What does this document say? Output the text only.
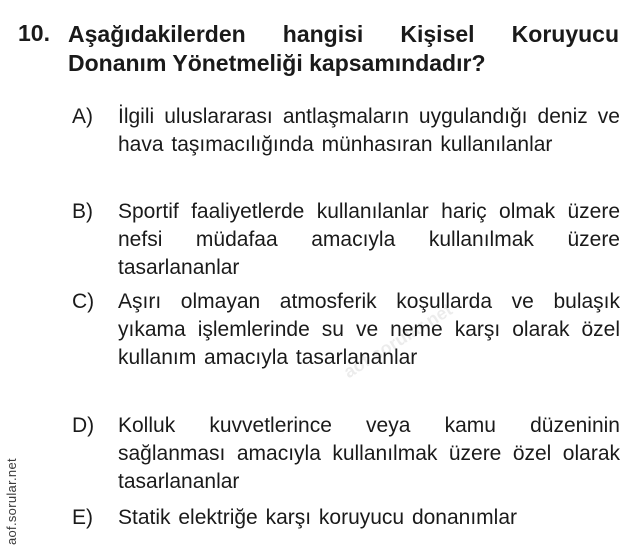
10. Aşağıdakilerden hangisi Kişisel Koruyucu Donanım Yönetmeliği kapsamındadır?
A)	İlgili uluslararası antlaşmaların uygulandığı deniz ve hava taşımacılığında münhasıran kullanılanlar
B)	Sportif faaliyetlerde kullanılanlar hariç olmak üzere nefsi müdafaa amacıyla kullanılmak üzere tasarlananlar
C)	Aşırı olmayan atmosferik koşullarda ve bulaşık yıkama işlemlerinde su ve neme karşı olarak özel kullanım amacıyla tasarlananlar
D)	Kolluk kuvvetlerince veya kamu düzeninin sağlanması amacıyla kullanılmak üzere özel olarak tasarlananlar
E)	Statik elektriğe karşı koruyucu donanımlar
aof.sorular.net
aof.sorular.net
